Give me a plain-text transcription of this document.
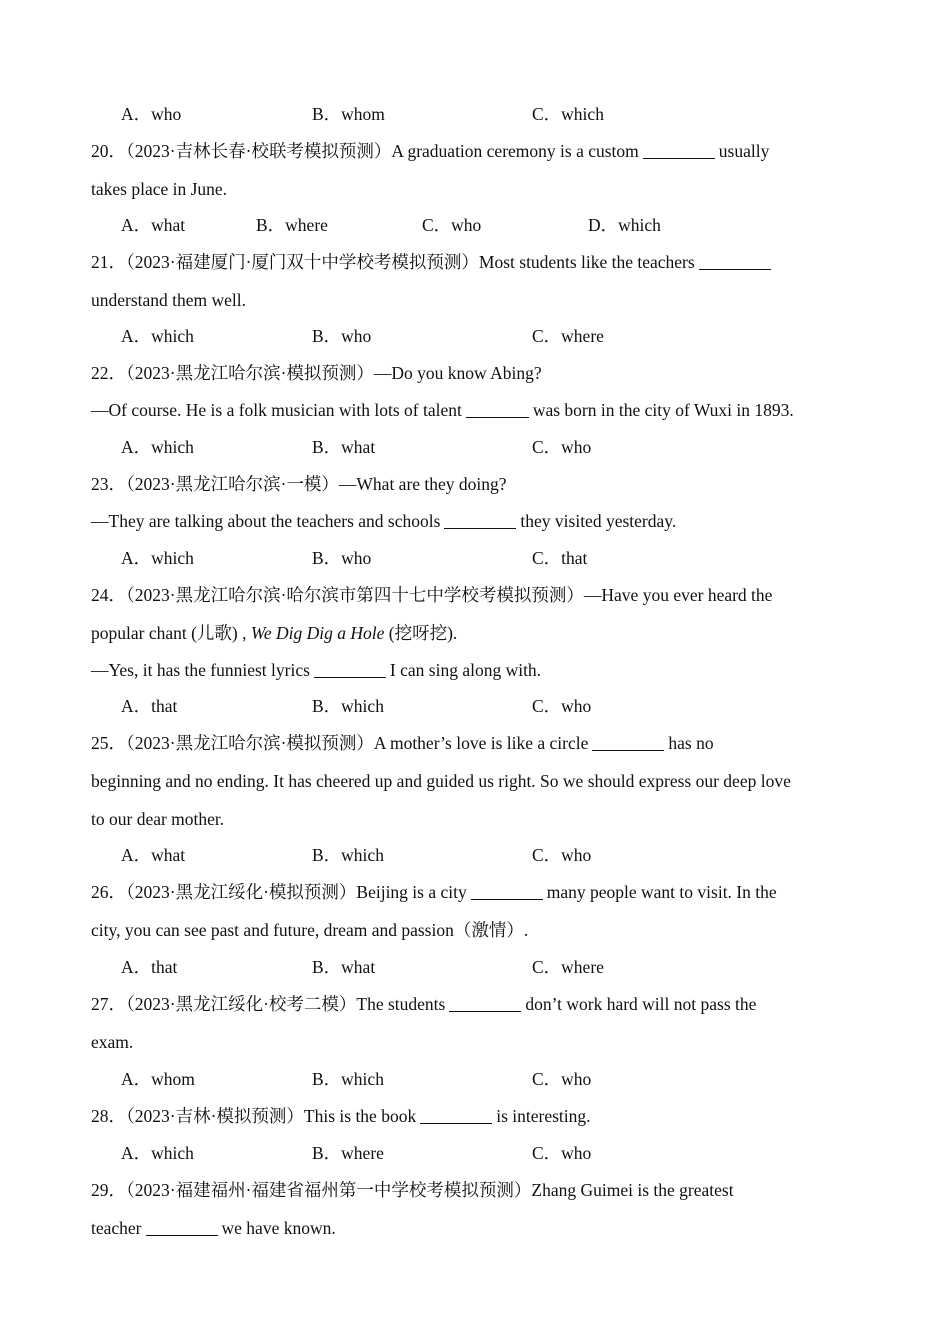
A．who	B．whom	C．which
20．（2023·吉林长春·校联考模拟预测）A graduation ceremony is a custom	usually
takes place in June.
A．what	B．where	C．who	D．which
21．（2023·福建厦门·厦门双十中学校考模拟预测）Most students like the teachers
understand them well.
A．which	B．who	C．where
22．（2023·黑龙江哈尔滨·模拟预测）—Do you know Abing?
—Of course. He is a folk musician with lots of talent	was born in the city of Wuxi in 1893.
A．which	B．what	C．who
23．（2023·黑龙江哈尔滨·一模）—What are they doing?
—They are talking about the teachers and schools	they visited yesterday.
A．which	B．who	C．that
24．（2023·黑龙江哈尔滨·哈尔滨市第四十七中学校考模拟预测）—Have you ever heard the
popular chant (儿歌) , We Dig Dig a Hole (挖呀挖).
—Yes, it has the funniest lyrics	I can sing along with.
A．that	B．which	C．who
25．（2023·黑龙江哈尔滨·模拟预测）A mother’s love is like a circle	has no
beginning and no ending. It has cheered up and guided us right. So we should express our deep love
to our dear mother.
A．what	B．which	C．who
26．（2023·黑龙江绥化·模拟预测）Beijing is a city	many people want to visit. In the
city, you can see past and future, dream and passion（激情）.
A．that	B．what	C．where
27．（2023·黑龙江绥化·校考二模）The students	don’t work hard will not pass the
exam.
A．whom	B．which	C．who
28．（2023·吉林·模拟预测）This is the book	is interesting.
A．which	B．where	C．who
29．（2023·福建福州·福建省福州第一中学校考模拟预测）Zhang Guimei is the greatest
teacher	we have known.
